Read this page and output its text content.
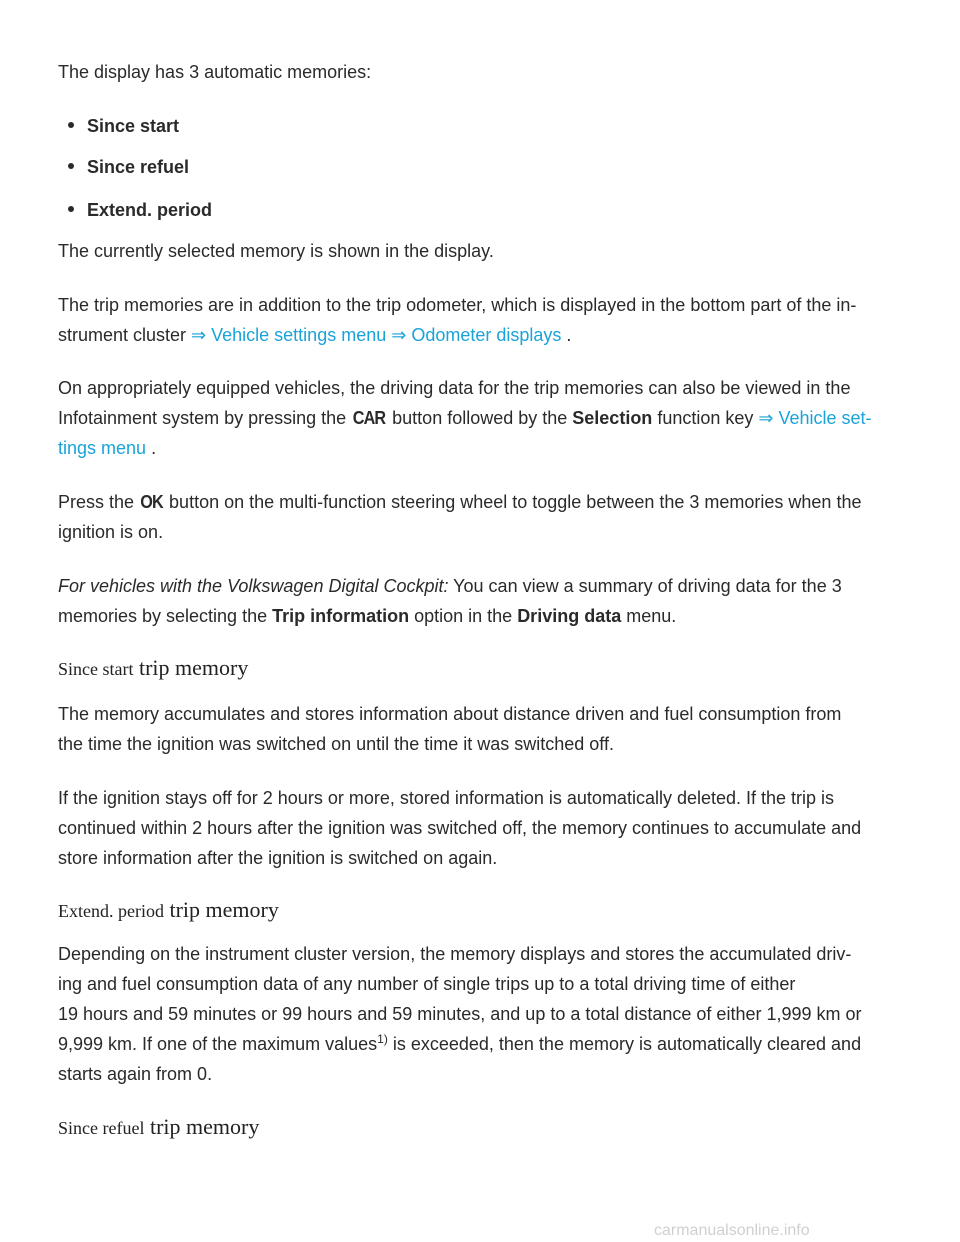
The display has 3 automatic memories:

Since start
Since refuel
Extend. period

The currently selected memory is shown in the display.

The trip memories are in addition to the trip odometer, which is displayed in the bottom part of the in-
strument cluster ⇒ Vehicle settings menu ⇒ Odometer displays .
On appropriately equipped vehicles, the driving data for the trip memories can also be viewed in the
Infotainment system by pressing the CAR button followed by the Selection function key ⇒ Vehicle set-
tings menu .
Press the OK button on the multi-function steering wheel to toggle between the 3 memories when the
ignition is on.
For vehicles with the Volkswagen Digital Cockpit: You can view a summary of driving data for the 3
memories by selecting the Trip information option in the Driving data menu.
Since start trip memory
The memory accumulates and stores information about distance driven and fuel consumption from
the time the ignition was switched on until the time it was switched off.
If the ignition stays off for 2 hours or more, stored information is automatically deleted. If the trip is
continued within 2 hours after the ignition was switched off, the memory continues to accumulate and
store information after the ignition is switched on again.
Extend. period trip memory
Depending on the instrument cluster version, the memory displays and stores the accumulated driv-
ing and fuel consumption data of any number of single trips up to a total driving time of either
19 hours and 59 minutes or 99 hours and 59 minutes, and up to a total distance of either 1,999 km or
9,999 km. If one of the maximum values$^{1)}$ is exceeded, then the memory is automatically cleared and
starts again from 0.
Since refuel trip memory
carmanualsonline.info
